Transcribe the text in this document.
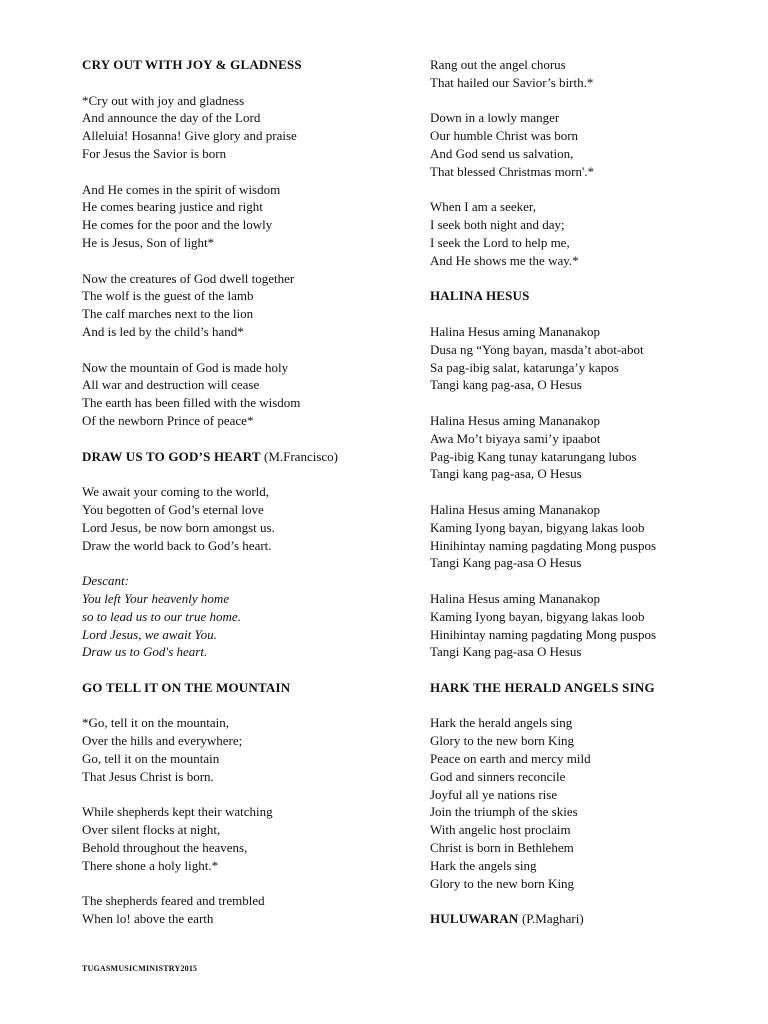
CRY OUT WITH JOY & GLADNESS
*Cry out with joy and gladness
And announce the day of the Lord
Alleluia! Hosanna! Give glory and praise
For Jesus the Savior is born
And He comes in the spirit of wisdom
He comes bearing justice and right
He comes for the poor and the lowly
He is Jesus, Son of light*
Now the creatures of God dwell together
The wolf is the guest of the lamb
The calf marches next to the lion
And is led by the child’s hand*
Now the mountain of God is made holy
All war and destruction will cease
The earth has been filled with the wisdom
Of the newborn Prince of peace*
DRAW US TO GOD’S HEART (M.Francisco)
We await your coming to the world,
You begotten of God’s eternal love
Lord Jesus, be now born amongst us.
Draw the world back to God’s heart.
Descant:
You left Your heavenly home
so to lead us to our true home.
Lord Jesus, we await You.
Draw us to God's heart.
GO TELL IT ON THE MOUNTAIN
*Go, tell it on the mountain,
Over the hills and everywhere;
Go, tell it on the mountain
That Jesus Christ is born.
While shepherds kept their watching
Over silent flocks at night,
Behold throughout the heavens,
There shone a holy light.*
The shepherds feared and trembled
When lo! above the earth
Rang out the angel chorus
That hailed our Savior’s birth.*
Down in a lowly manger
Our humble Christ was born
And God send us salvation,
That blessed Christmas morn'.*
When I am a seeker,
I seek both night and day;
I seek the Lord to help me,
And He shows me the way.*
HALINA HESUS
Halina Hesus aming Mananakop
Dusa ng “Yong bayan, masda’t abot-abot
Sa pag-ibig salat, katarunga’y kapos
Tangi kang pag-asa, O Hesus
Halina Hesus aming Mananakop
Awa Mo’t biyaya sami’y ipaabot
Pag-ibig Kang tunay katarungang lubos
Tangi kang pag-asa, O Hesus
Halina Hesus aming Mananakop
Kaming Iyong bayan, bigyang lakas loob
Hinihintay naming pagdating Mong puspos
Tangi Kang pag-asa O Hesus
Halina Hesus aming Mananakop
Kaming Iyong bayan, bigyang lakas loob
Hinihintay naming pagdating Mong puspos
Tangi Kang pag-asa O Hesus
HARK THE HERALD ANGELS SING
Hark the herald angels sing
Glory to the new born King
Peace on earth and mercy mild
God and sinners reconcile
Joyful all ye nations rise
Join the triumph of the skies
With angelic host proclaim
Christ is born in Bethlehem
Hark the angels sing
Glory to the new born King
HULUWARAN (P.Maghari)
TUGASMUSICMINISTRY2015
